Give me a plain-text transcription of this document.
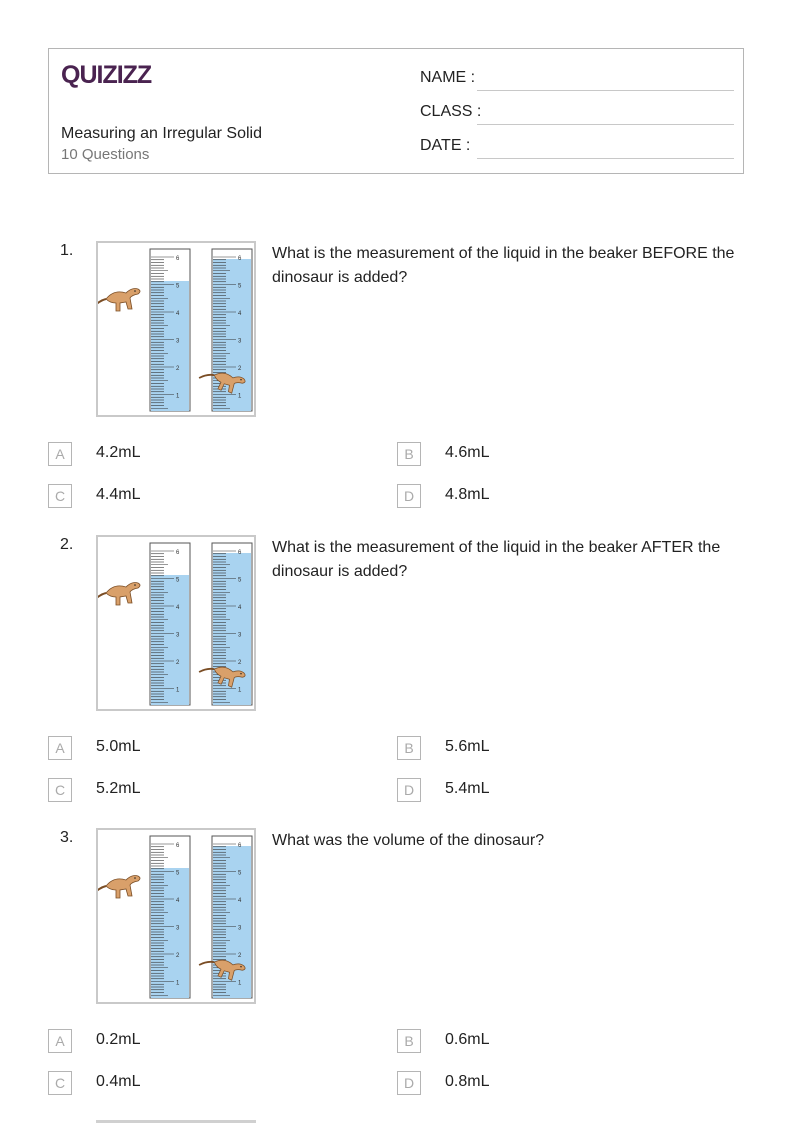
QUIZIZZ
Measuring an Irregular Solid
10 Questions
NAME :
CLASS :
DATE :
1.	6
5
4
3
2
1
6
5
4
3
2
1
What is the measurement of the liquid in the beaker BEFORE the dinosaur is added?
A	4.2mL	B	4.6mL
C	4.4mL	D	4.8mL
2.	6
5
4
3
2
1
6
5
4
3
2
1
What is the measurement of the liquid in the beaker AFTER the dinosaur is added?
A	5.0mL	B	5.6mL
C	5.2mL	D	5.4mL
3.	6
5
4
3
2
1
6
5
4
3
2
1
What was the volume of the dinosaur?
A	0.2mL	B	0.6mL
C	0.4mL	D	0.8mL
